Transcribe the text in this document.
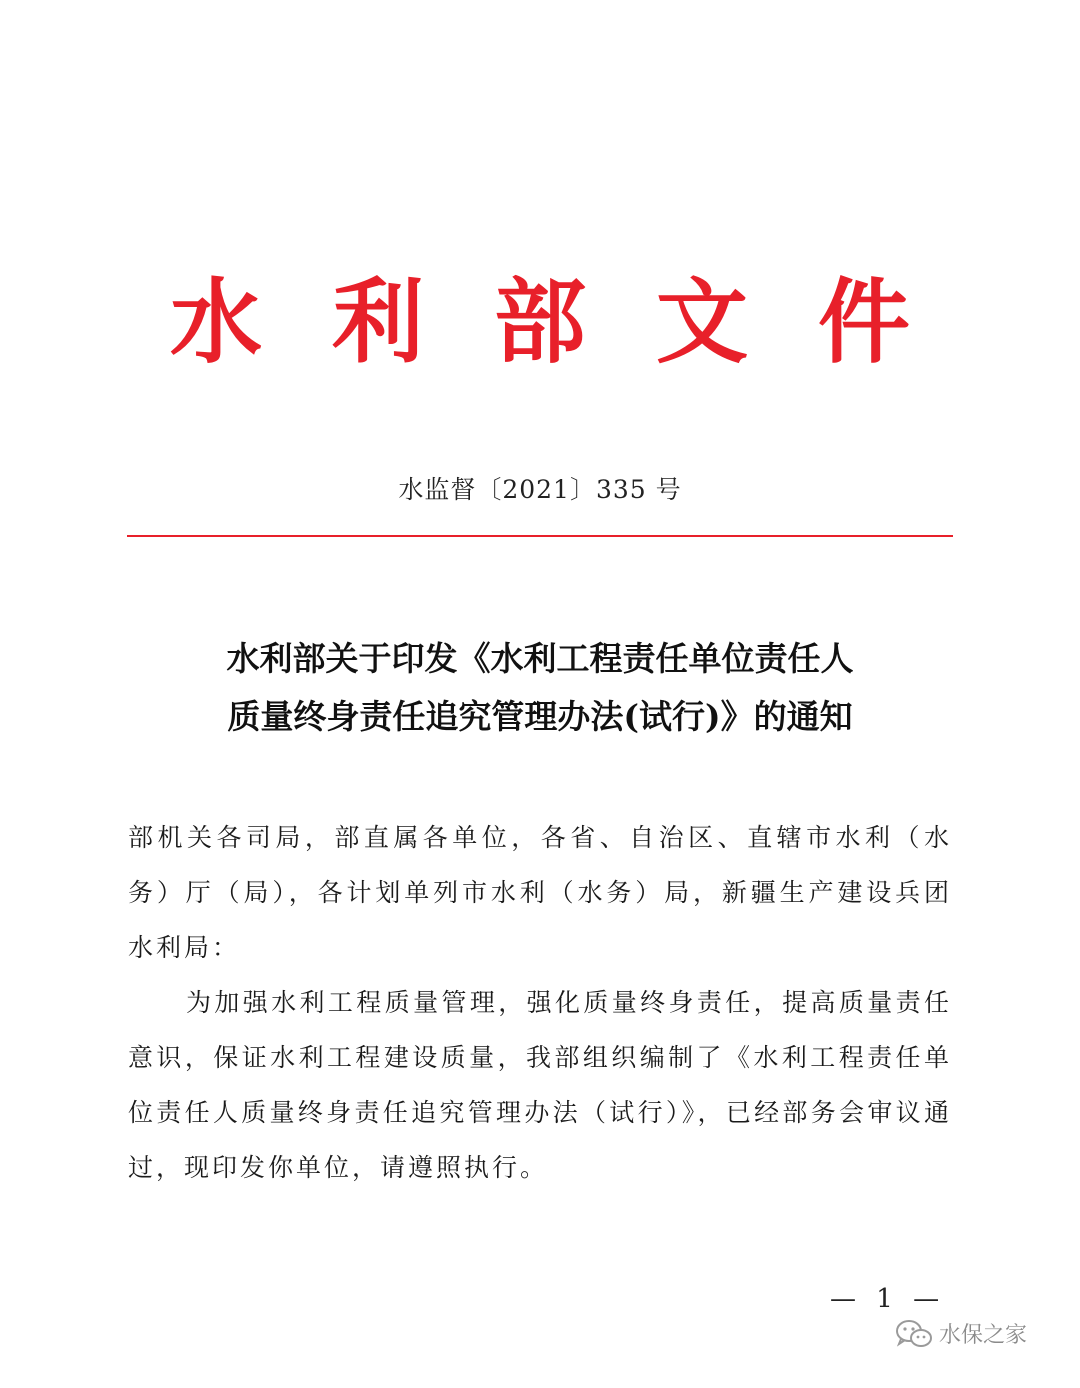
水利部文件
水监督〔2021〕335 号
水利部关于印发《水利工程责任单位责任人
质量终身责任追究管理办法(试行)》的通知

部机关各司局，部直属各单位，各省、自治区、直辖市水利（水务）厅（局），各计划单列市水利（水务）局，新疆生产建设兵团水利局：

为加强水利工程质量管理，强化质量终身责任，提高质量责任意识，保证水利工程建设质量，我部组织编制了《水利工程责任单位责任人质量终身责任追究管理办法（试行）》，已经部务会审议通过，现印发你单位，请遵照执行。

— 1 —
水保之家
